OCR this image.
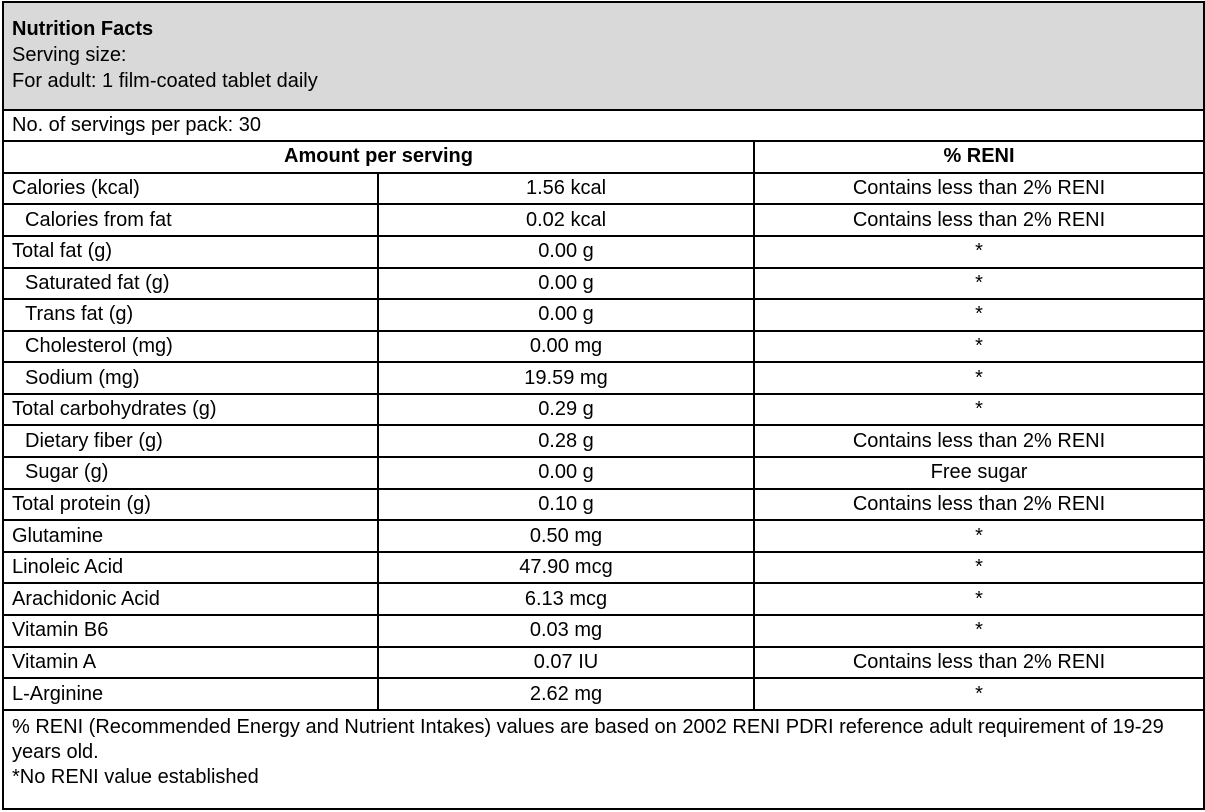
Nutrition Facts
Serving size:
For adult: 1 film-coated tablet daily		

No. of servings per pack: 30		
Amount per serving		% RENI
Calories (kcal)	1.56 kcal	Contains less than 2% RENI
Calories from fat	0.02 kcal	Contains less than 2% RENI
Total fat (g)	0.00 g	*
Saturated fat (g)	0.00 g	*
Trans fat (g)	0.00 g	*
Cholesterol (mg)	0.00 mg	*
Sodium (mg)	19.59 mg	*
Total carbohydrates (g)	0.29 g	*
Dietary fiber (g)	0.28 g	Contains less than 2% RENI
Sugar (g)	0.00 g	Free sugar
Total protein (g)	0.10 g	Contains less than 2% RENI
Glutamine	0.50 mg	*
Linoleic Acid	47.90 mcg	*
Arachidonic Acid	6.13 mcg	*
Vitamin B6	0.03 mg	*
Vitamin A	0.07 IU	Contains less than 2% RENI
L-Arginine	2.62 mg	*
% RENI (Recommended Energy and Nutrient Intakes) values are based on 2002 RENI PDRI reference adult requirement of 19-29 years old.
*No RENI value established		
